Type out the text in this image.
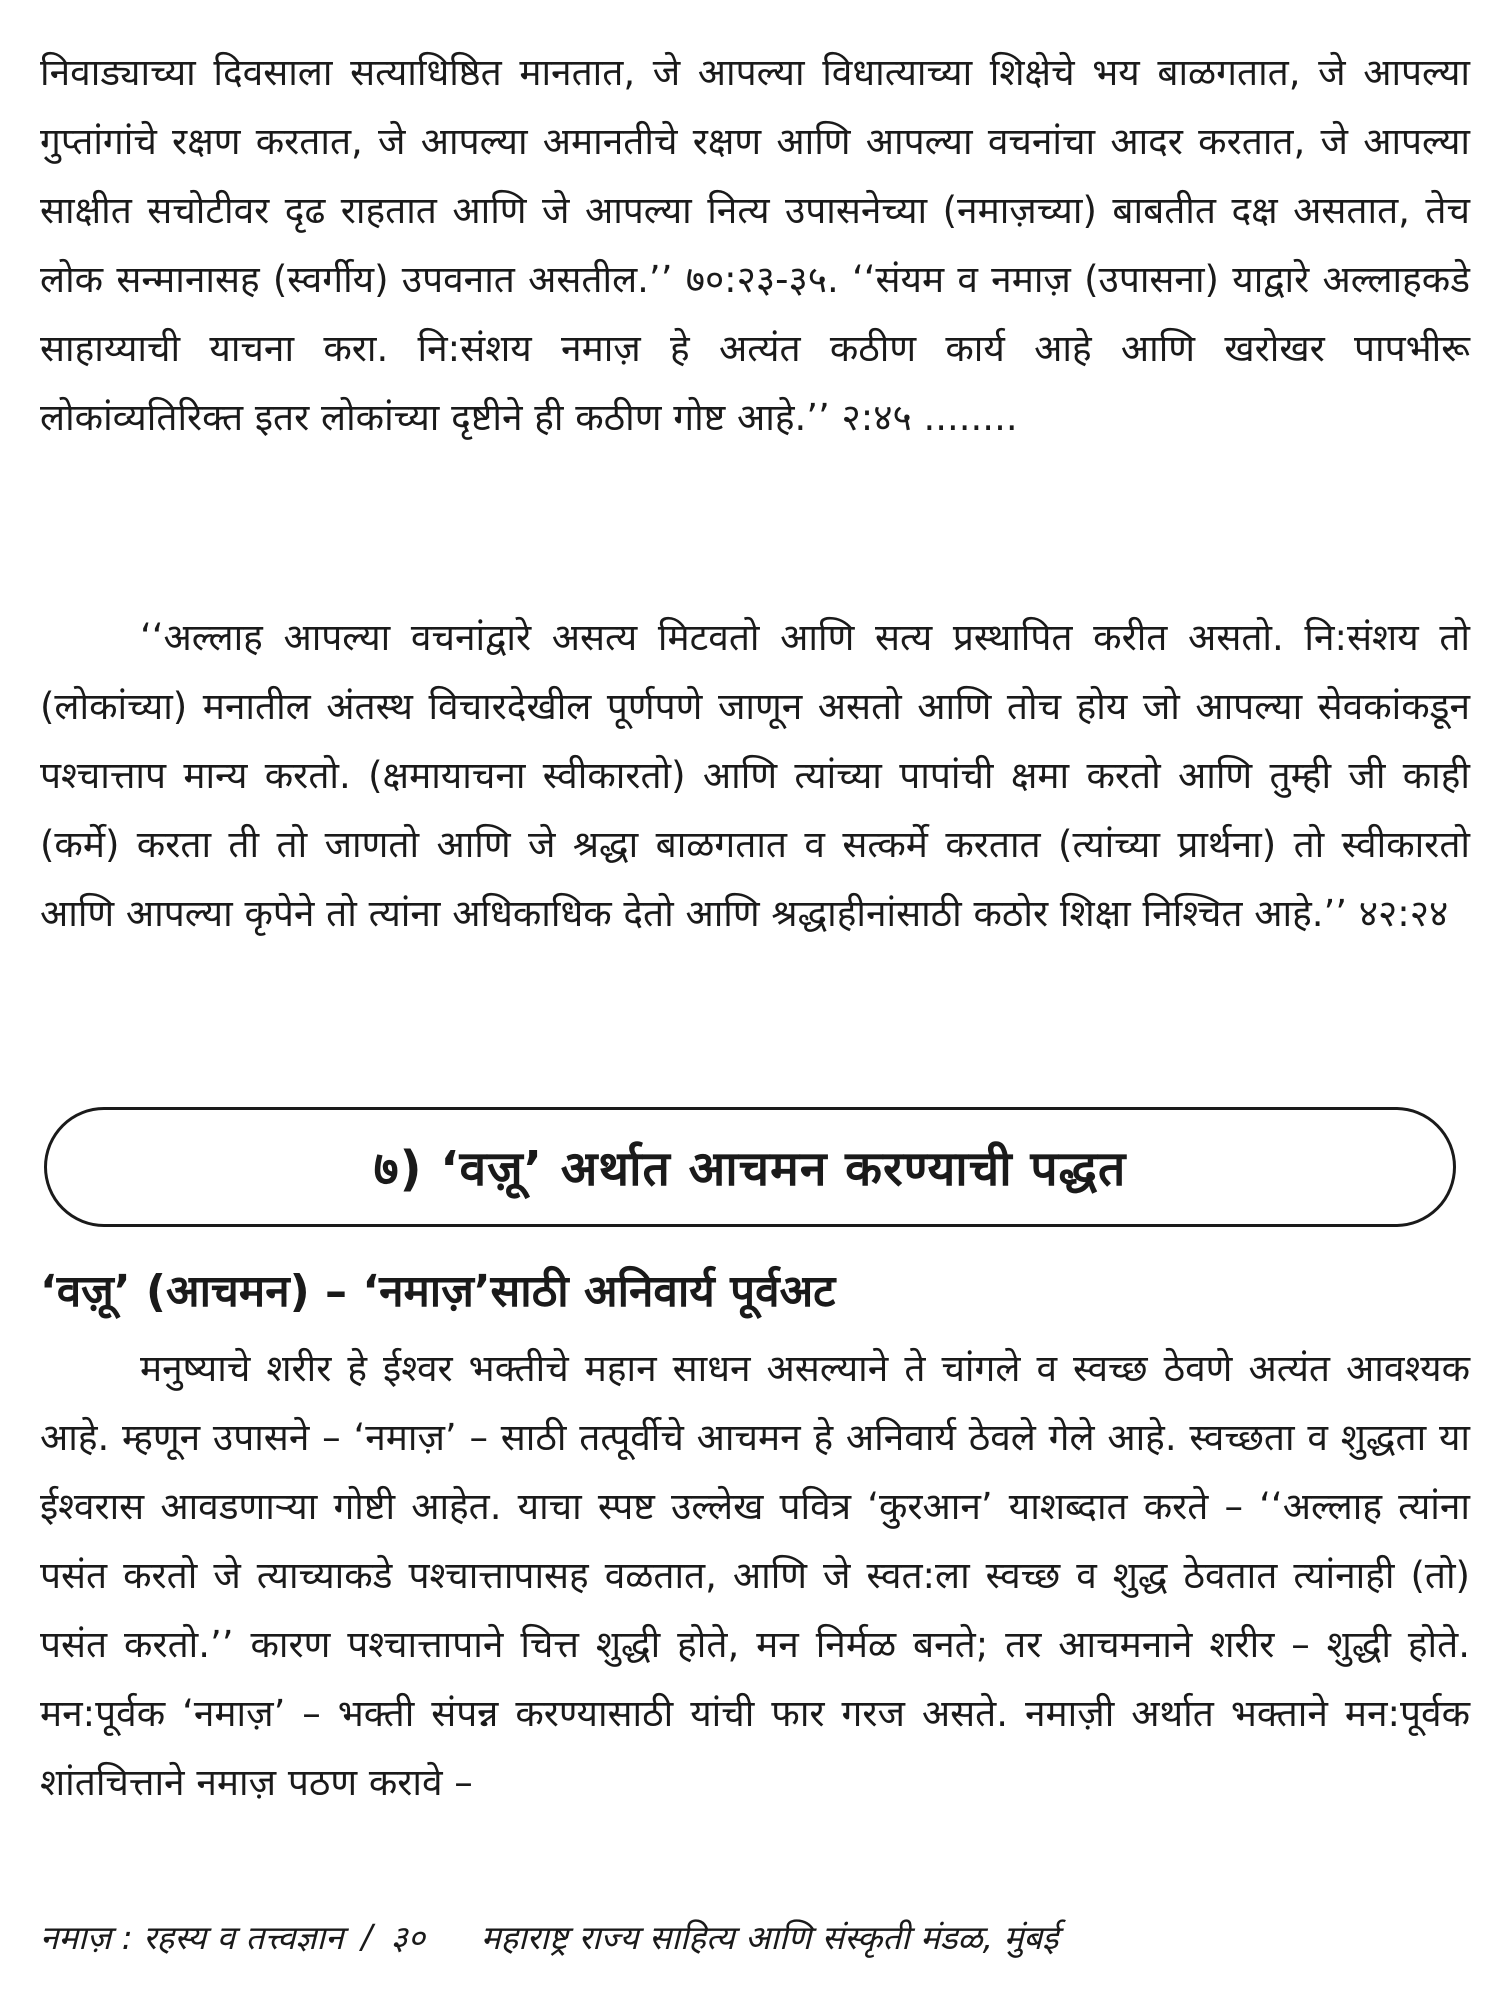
निवाड्याच्या दिवसाला सत्याधिष्ठित मानतात, जे आपल्या विधात्याच्या शिक्षेचे भय बाळगतात, जे आपल्या गुप्तांगांचे रक्षण करतात, जे आपल्या अमानतीचे रक्षण आणि आपल्या वचनांचा आदर करतात, जे आपल्या साक्षीत सचोटीवर दृढ राहतात आणि जे आपल्या नित्य उपासनेच्या (नमाज़च्या) बाबतीत दक्ष असतात, तेच लोक सन्मानासह (स्वर्गीय) उपवनात असतील.’’ ७०:२३-३५. ‘‘संयम व नमाज़ (उपासना) याद्वारे अल्लाहकडे साहाय्याची याचना करा. नि:संशय नमाज़ हे अत्यंत कठीण कार्य आहे आणि खरोखर पापभीरू लोकांव्यतिरिक्त इतर लोकांच्या दृष्टीने ही कठीण गोष्ट आहे.’’ २:४५ ........

‘‘अल्लाह आपल्या वचनांद्वारे असत्य मिटवतो आणि सत्य प्रस्थापित करीत असतो. नि:संशय तो (लोकांच्या) मनातील अंतस्थ विचारदेखील पूर्णपणे जाणून असतो आणि तोच होय जो आपल्या सेवकांकडून पश्चात्ताप मान्य करतो. (क्षमायाचना स्वीकारतो) आणि त्यांच्या पापांची क्षमा करतो आणि तुम्ही जी काही (कर्मे) करता ती तो जाणतो आणि जे श्रद्धा बाळगतात व सत्कर्मे करतात (त्यांच्या प्रार्थना) तो स्वीकारतो आणि आपल्या कृपेने तो त्यांना अधिकाधिक देतो आणि श्रद्धाहीनांसाठी कठोर शिक्षा निश्चित आहे.’’ ४२:२४

७) ‘वज़ू’ अर्थात आचमन करण्याची पद्धत
‘वज़ू’ (आचमन) – ‘नमाज़’साठी अनिवार्य पूर्वअट

मनुष्याचे शरीर हे ईश्वर भक्तीचे महान साधन असल्याने ते चांगले व स्वच्छ ठेवणे अत्यंत आवश्यक आहे. म्हणून उपासने – ‘नमाज़’ – साठी तत्पूर्वीचे आचमन हे अनिवार्य ठेवले गेले आहे. स्वच्छता व शुद्धता या ईश्वरास आवडणाऱ्या गोष्टी आहेत. याचा स्पष्ट उल्लेख पवित्र ‘कुरआन’ याशब्दात करते – ‘‘अल्लाह त्यांना पसंत करतो जे त्याच्याकडे पश्चात्तापासह वळतात, आणि जे स्वत:ला स्वच्छ व शुद्ध ठेवतात त्यांनाही (तो) पसंत करतो.’’ कारण पश्चात्तापाने चित्त शुद्धी होते, मन निर्मळ बनते; तर आचमनाने शरीर – शुद्धी होते. मन:पूर्वक ‘नमाज़’ – भक्ती संपन्न करण्यासाठी यांची फार गरज असते. नमाज़ी अर्थात भक्ताने मन:पूर्वक शांतचित्ताने नमाज़ पठण करावे –

नमाज़ : रहस्य व तत्त्वज्ञान / ३० महाराष्ट्र राज्य साहित्य आणि संस्कृती मंडळ, मुंबई
